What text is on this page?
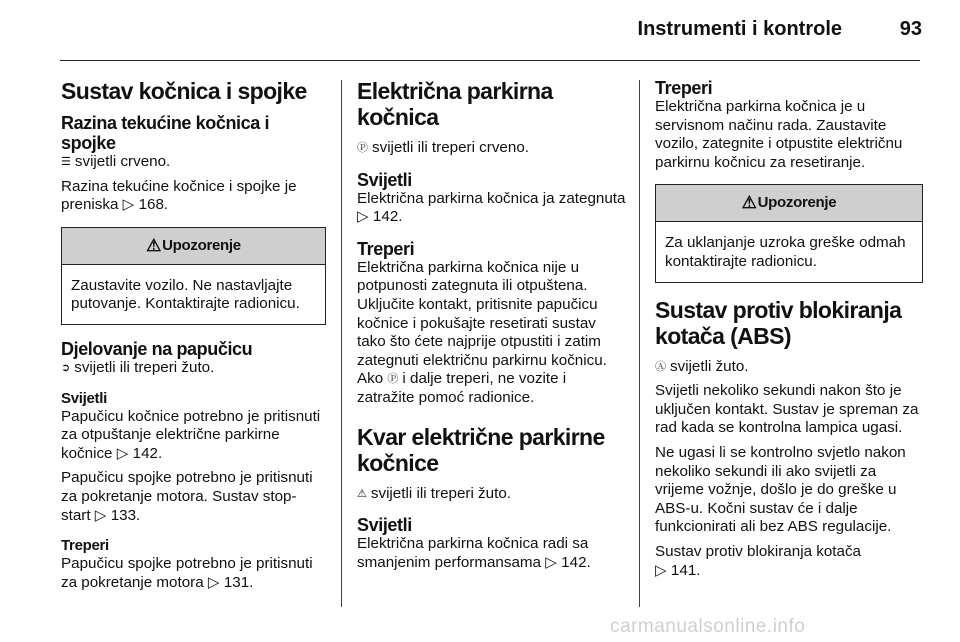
Instrumenti i kontrole	93
Sustav kočnica i spojke
Razina tekućine kočnica i spojke

☰ svijetli crveno.

Razina tekućine kočnice i spojke je preniska ▷ 168.

⚠Upozorenje

Zaustavite vozilo. Ne nastavljajte putovanje. Kontaktirajte radionicu.

Djelovanje na papučicu

➲ svijetli ili treperi žuto.

Svijetli

Papučicu kočnice potrebno je pritisnuti za otpuštanje električne parkirne kočnice ▷ 142.

Papučicu spojke potrebno je pritisnuti za pokretanje motora. Sustav stop-start ▷ 133.

Treperi

Papučicu spojke potrebno je pritisnuti za pokretanje motora ▷ 131.

Električna parkirna kočnica

Ⓟ svijetli ili treperi crveno.

Svijetli

Električna parkirna kočnica ja zategnuta ▷ 142.

Treperi

Električna parkirna kočnica nije u potpunosti zategnuta ili otpuštena. Uključite kontakt, pritisnite papučicu kočnice i pokušajte resetirati sustav tako što ćete najprije otpustiti i zatim zategnuti električnu parkirnu kočnicu. Ako Ⓟ i dalje treperi, ne vozite i zatražite pomoć radionice.

Kvar električne parkirne kočnice

⚠ svijetli ili treperi žuto.

Svijetli

Električna parkirna kočnica radi sa smanjenim performansama ▷ 142.

Treperi

Električna parkirna kočnica je u servisnom načinu rada. Zaustavite vozilo, zategnite i otpustite električnu parkirnu kočnicu za resetiranje.

⚠Upozorenje

Za uklanjanje uzroka greške odmah kontaktirajte radionicu.

Sustav protiv blokiranja kotača (ABS)

Ⓐ svijetli žuto.

Svijetli nekoliko sekundi nakon što je uključen kontakt. Sustav je spreman za rad kada se kontrolna lampica ugasi.

Ne ugasi li se kontrolno svjetlo nakon nekoliko sekundi ili ako svijetli za vrijeme vožnje, došlo je do greške u ABS-u. Kočni sustav će i dalje funkcionirati ali bez ABS regulacije.

Sustav protiv blokiranja kotača
▷ 141.

carmanualsonline.info
